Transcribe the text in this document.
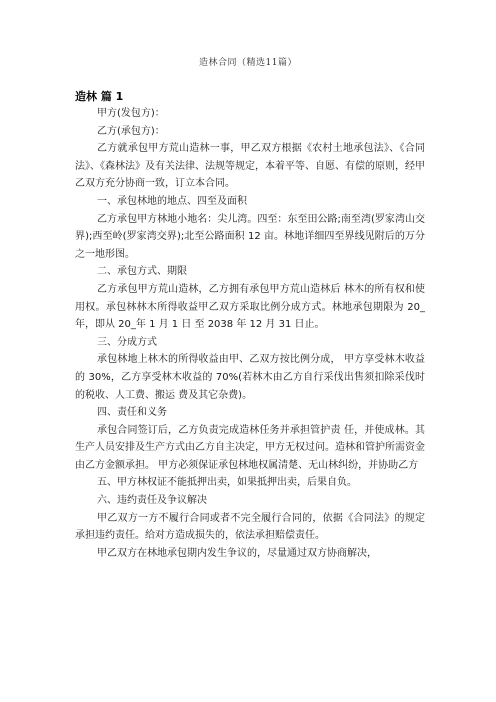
造林合同（精选11篇）
造林 篇 1

甲方(发包方)：

乙方(承包方)：

乙方就承包甲方荒山造林一事，甲乙双方根据《农村土地承包法》、《合同法》、《森林法》及有关法律、法规等规定，本着平等、自愿、有偿的原则，经甲乙双方充分协商一致，订立本合同。

一、承包林地的地点、四至及面积

乙方承包甲方林地小地名：尖儿湾。四至：东至田公路;南至湾(罗家湾山交界);西至岭(罗家湾交界);北至公路面积 12 亩。林地详细四至界线见附后的万分之一地形图。

二、承包方式、期限

乙方承包甲方荒山造林，乙方拥有承包甲方荒山造林后 林木的所有权和使用权。承包林林木所得收益甲乙双方采取比例分成方式。林地承包期限为 20_年，即从 20_年 1 月 1 日 至 2038 年 12 月 31 日止。

三、分成方式

承包林地上林木的所得收益由甲、乙双方按比例分成， 甲方享受林木收益的 30%，乙方享受林木收益的 70%(若林木由乙方自行采伐出售须扣除采伐时的税收、人工费、搬运 费及其它杂费)。

四、责任和义务

承包合同签订后，乙方负责完成造林任务并承担管护责 任，并使成林。其生产人员安排及生产方式由乙方自主决定，甲方无权过问。造林和管护所需资金由乙方金额承担。 甲方必须保证承包林地权属清楚、无山林纠纷，并协助乙方

五、甲方林权证不能抵押出卖，如果抵押出卖，后果自负。

六、违约责任及争议解决

甲乙双方一方不履行合同或者不完全履行合同的，依据《合同法》的规定承担违约责任。给对方造成损失的，依法承担赔偿责任。

甲乙双方在林地承包期内发生争议的，尽量通过双方协商解决，
